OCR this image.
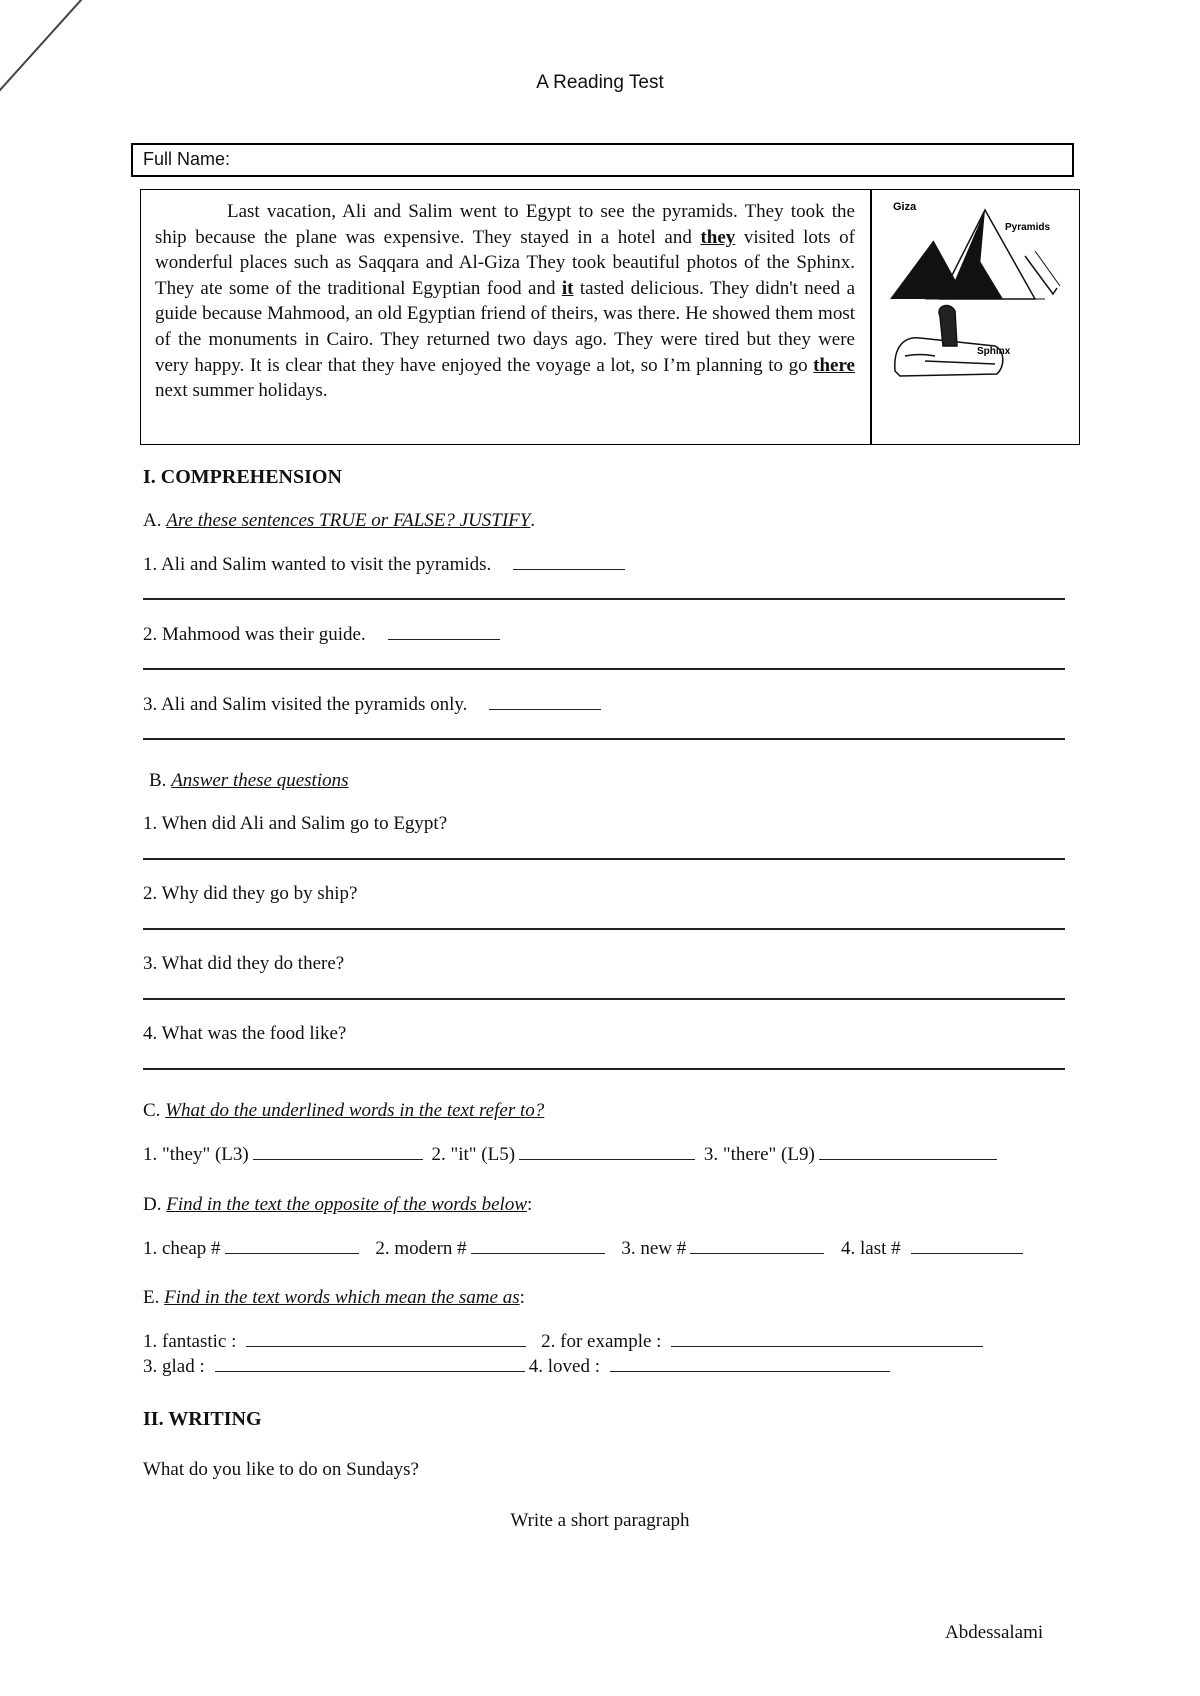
A Reading Test
Full Name:
Last vacation, Ali and Salim went to Egypt to see the pyramids. They took the ship because the plane was expensive. They stayed in a hotel and they visited lots of wonderful places such as Saqqara and Al-Giza They took beautiful photos of the Sphinx. They ate some of the traditional Egyptian food and it tasted delicious. They didn't need a guide because Mahmood, an old Egyptian friend of theirs, was there. He showed them most of the monuments in Cairo. They returned two days ago. They were tired but they were very happy. It is clear that they have enjoyed the voyage a lot, so I’m planning to go there next summer holidays.
Giza
Pyramids
Sphinx
I. COMPREHENSION
A. Are these sentences TRUE or FALSE? JUSTIFY.
1. Ali and Salim wanted to visit the pyramids.
2. Mahmood was their guide.
3. Ali and Salim visited the pyramids only.
B. Answer these questions
1. When did Ali and Salim go to Egypt?
2. Why did they go by ship?
3. What did they do there?
4. What was the food like?
C. What do the underlined words in the text refer to?
1. "they" (L3)	2. "it" (L5)	3. "there" (L9)
D. Find in the text the opposite of the words below:
1. cheap #	2. modern #	3. new #	4. last #
E. Find in the text words which mean the same as:
1. fantastic :	2. for example :
3. glad :	4. loved :
II. WRITING
What do you like to do on Sundays?
Write a short paragraph
Abdessalami
